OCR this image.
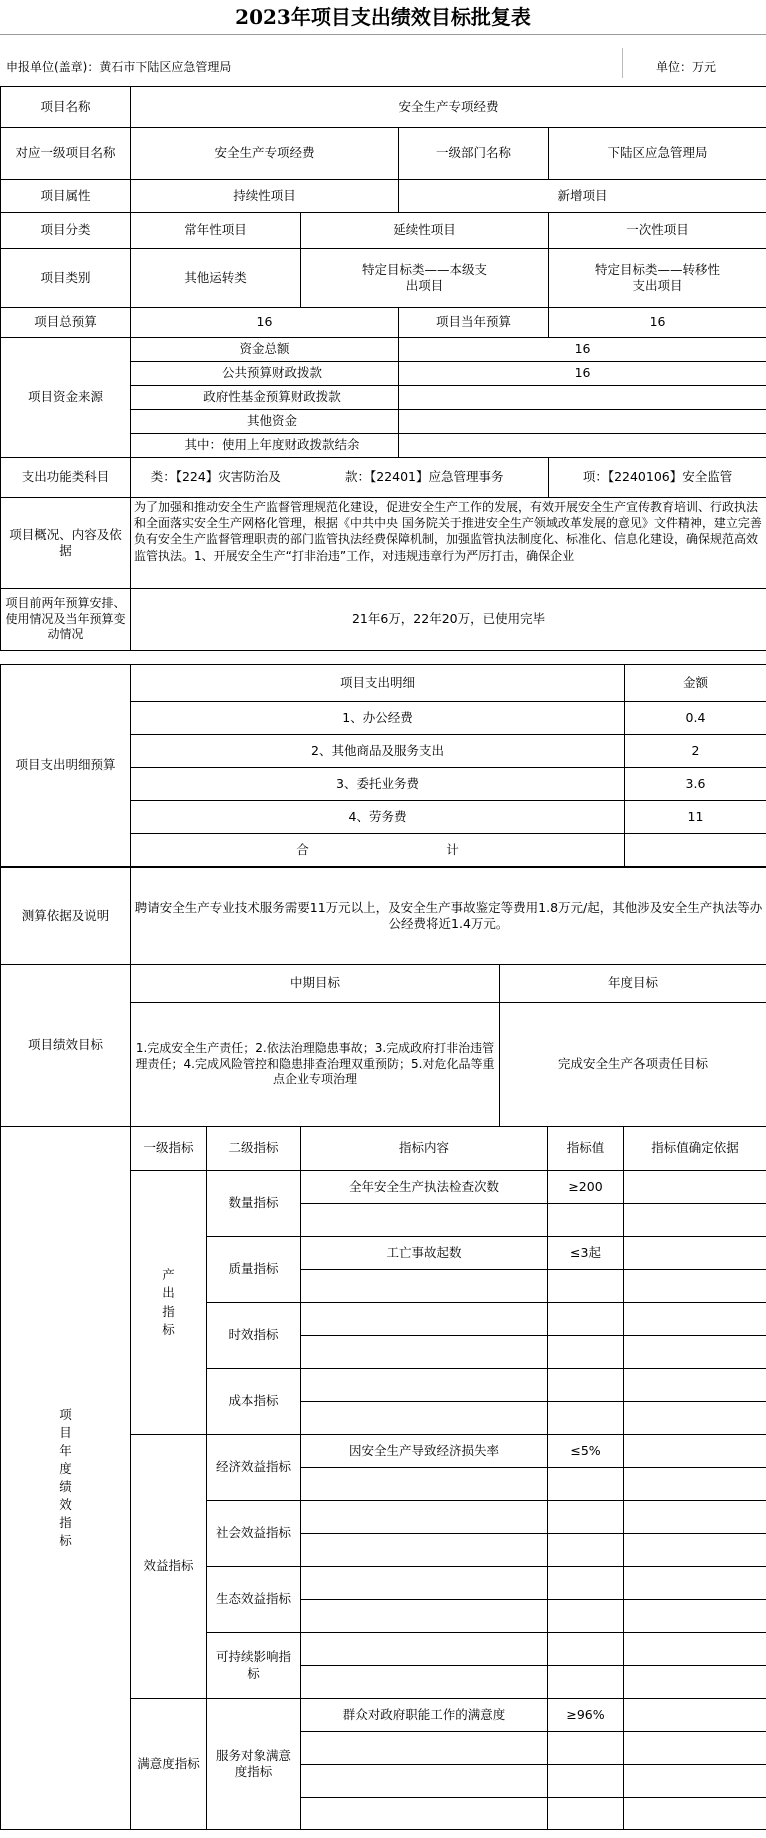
2023年项目支出绩效目标批复表
申报单位(盖章)：黄石市下陆区应急管理局	单位：万元
项目名称	安全生产专项经费			
对应一级项目名称	安全生产专项经费		一级部门名称	下陆区应急管理局
项目属性	持续性项目		新增项目	
项目分类	常年性项目	延续性项目		一次性项目
项目类别	其他运转类	特定目标类——本级支出项目		特定目标类——转移性支出项目

项目总预算	16		项目当年预算	16
项目资金来源	资金总额		16	
	公共预算财政拨款		16	
	政府性基金预算财政拨款			
	其他资金			
	其中：使用上年度财政拨款结余			
支出功能类科目	类：【224】灾害防治及	款：【22401】应急管理事务		项：【2240106】安全监管
项目概况、内容及依据	为了加强和推动安全生产监督管理规范化建设，促进安全生产工作的发展，有效开展安全生产宣传教育培训、行政执法和全面落实安全生产网格化管理，根据《中共中央 国务院关于推进安全生产领域改革发展的意见》文件精神，建立完善负有安全生产监督管理职责的部门监管执法经费保障机制，加强监管执法制度化、标准化、信息化建设，确保规范高效监管执法。1、开展安全生产“打非治违”工作，对违规违章行为严厉打击，确保企业			

项目前两年预算安排、使用情况及当年预算变动情况	21年6万，22年20万，已使用完毕			
项目支出明细预算	项目支出明细	金额
	1、办公经费	0.4
	2、其他商品及服务支出	2
	3、委托业务费	3.6
	4、劳务费	11
	合 计	
测算依据及说明	聘请安全生产专业技术服务需要11万元以上，及安全生产事故鉴定等费用1.8万元/起，其他涉及安全生产执法等办公经费将近1.4万元。
项目绩效目标	中期目标	年度目标
	1.完成安全生产责任；2.依法治理隐患事故；3.完成政府打非治违管理责任；4.完成风险管控和隐患排查治理双重预防；5.对危化品等重点企业专项治理	完成安全生产各项责任目标
项目年度绩效指标	一级指标	二级指标	指标内容	指标值	指标值确定依据
	产出指标	数量指标	全年安全生产执法检查次数	≥200	

		质量指标	工亡事故起数	≤3起	

		时效指标			

		成本指标			

	效益指标	经济效益指标	因安全生产导致经济损失率	≤5%	

		社会效益指标			

		生态效益指标			

		可持续影响指标			

	满意度指标	服务对象满意度指标	群众对政府职能工作的满意度	≥96%	
